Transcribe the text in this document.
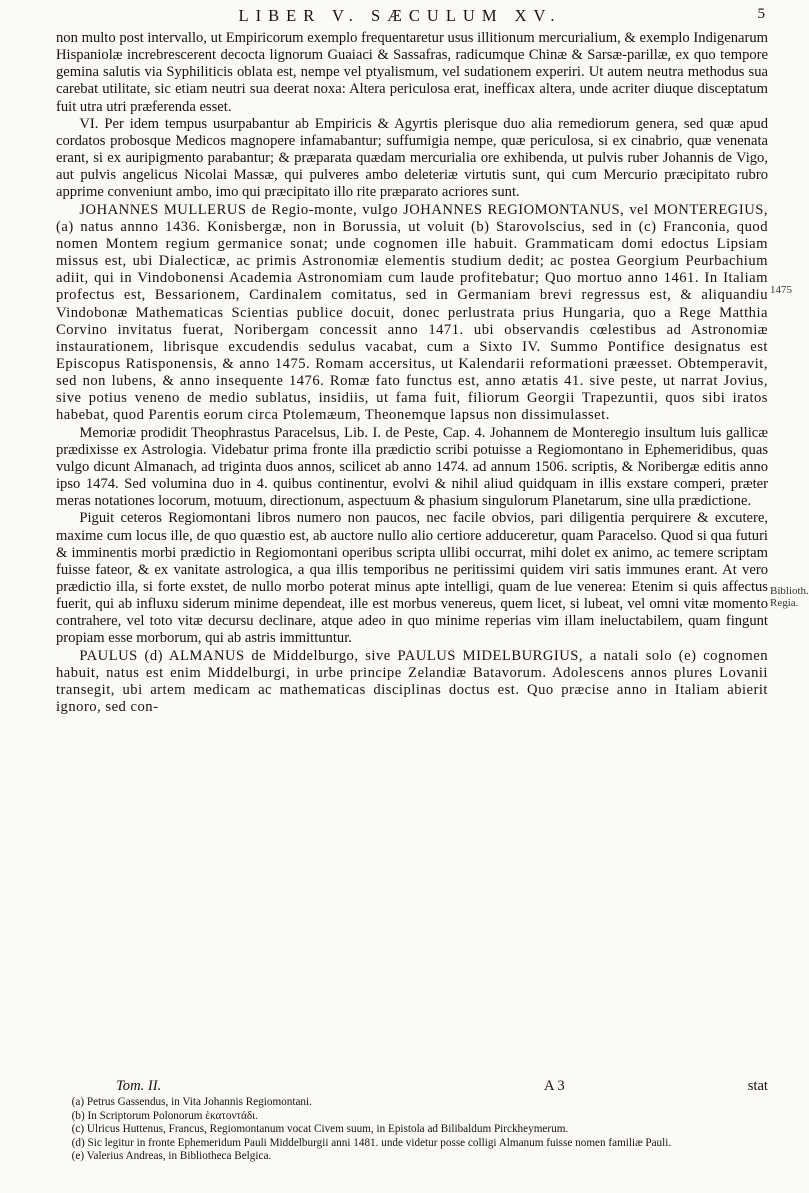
LIBER V. SÆCULUM XV.	5

non multo post intervallo, ut Empiricorum exemplo frequentaretur usus illitionum mercurialium, & exemplo Indigenarum Hispaniolæ increbrescerent decocta lignorum Guaiaci & Sassafras, radicumque Chinæ & Sarsæ-parillæ, ex quo tempore gemina salutis via Syphiliticis oblata est, nempe vel ptyalismum, vel sudationem experiri. Ut autem neutra methodus sua carebat utilitate, sic etiam neutri sua deerat noxa: Altera periculosa erat, inefficax altera, unde acriter diuque disceptatum fuit utra utri præferenda esset.

VI. Per idem tempus usurpabantur ab Empiricis & Agyrtis plerisque duo alia remediorum genera, sed quæ apud cordatos probosque Medicos magnopere infamabantur; suffumigia nempe, quæ periculosa, si ex cinabrio, quæ venenata erant, si ex auripigmento parabantur; & præparata quædam mercurialia ore exhibenda, ut pulvis ruber Johannis de Vigo, aut pulvis angelicus Nicolai Massæ, qui pulveres ambo deleteriæ virtutis sunt, qui cum Mercurio præcipitato rubro apprime conveniunt ambo, imo qui præcipitato illo rite præparato acriores sunt.

JOHANNES MULLERUS de Regio-monte, vulgo JOHANNES REGIOMONTANUS, vel MONTEREGIUS, (a) natus annno 1436. Konisbergæ, non in Borussia, ut voluit (b) Starovolscius, sed in (c) Franconia, quod nomen Montem regium germanice sonat; unde cognomen ille habuit. Grammaticam domi edoctus Lipsiam missus est, ubi Dialecticæ, ac primis Astronomiæ elementis studium dedit; ac postea Georgium Peurbachium adiit, qui in Vindobonensi Academia Astronomiam cum laude profitebatur; Quo mortuo anno 1461. In Italiam profectus est, Bessarionem, Cardinalem comitatus, sed in Germaniam brevi regressus est, & aliquandiu Vindobonæ Mathematicas Scientias publice docuit, donec perlustrata prius Hungaria, quo a Rege Matthia Corvino invitatus fuerat, Noribergam concessit anno 1471. ubi observandis cœlestibus ad Astronomiæ instaurationem, librisque excudendis sedulus vacabat, cum a Sixto IV. Summo Pontifice designatus est Episcopus Ratisponensis, & anno 1475. Romam accersitus, ut Kalendarii reformationi præesset. Obtemperavit, sed non lubens, & anno insequente 1476. Romæ fato functus est, anno ætatis 41. sive peste, ut narrat Jovius, sive potius veneno de medio sublatus, insidiis, ut fama fuit, filiorum Georgii Trapezuntii, quos sibi iratos habebat, quod Parentis eorum circa Ptolemæum, Theonemque lapsus non dissimulasset.

Memoriæ prodidit Theophrastus Paracelsus, Lib. I. de Peste, Cap. 4. Johannem de Monteregio insultum luis gallicæ prædixisse ex Astrologia. Videbatur prima fronte illa prædictio scribi potuisse a Regiomontano in Ephemeridibus, quas vulgo dicunt Almanach, ad triginta duos annos, scilicet ab anno 1474. ad annum 1506. scriptis, & Noribergæ editis anno ipso 1474. Sed volumina duo in 4. quibus continentur, evolvi & nihil aliud quidquam in illis exstare comperi, præter meras notationes locorum, motuum, directionum, aspectuum & phasium singulorum Planetarum, sine ulla prædictione.

Piguit ceteros Regiomontani libros numero non paucos, nec facile obvios, pari diligentia perquirere & excutere, maxime cum locus ille, de quo quæstio est, ab auctore nullo alio certiore adduceretur, quam Paracelso. Quod si qua futuri & imminentis morbi prædictio in Regiomontani operibus scripta ullibi occurrat, mihi dolet ex animo, ac temere scriptam fuisse fateor, & ex vanitate astrologica, a qua illis temporibus ne peritissimi quidem viri satis immunes erant. At vero prædictio illa, si forte exstet, de nullo morbo poterat minus apte intelligi, quam de lue venerea: Etenim si quis affectus fuerit, qui ab influxu siderum minime dependeat, ille est morbus venereus, quem licet, si lubeat, vel omni vitæ momento contrahere, vel toto vitæ decursu declinare, atque adeo in quo minime reperias vim illam ineluctabilem, quam fingunt propiam esse morborum, qui ab astris immittuntur.

PAULUS (d) ALMANUS de Middelburgo, sive PAULUS MIDELBURGIUS, a natali solo (e) cognomen habuit, natus est enim Middelburgi, in urbe principe Zelandiæ Batavorum. Adolescens annos plures Lovanii transegit, ubi artem medicam ac mathematicas disciplinas doctus est. Quo præcise anno in Italiam abierit ignoro, sed con-

1475
Biblioth. Regia.
Tom. II.	A 3	stat

(a) Petrus Gassendus, in Vita Johannis Regiomontani.

(b) In Scriptorum Polonorum ἑκατοντάδι.

(c) Ulricus Huttenus, Francus, Regiomontanum vocat Civem suum, in Epistola ad Bilibaldum Pirckheymerum.

(d) Sic legitur in fronte Ephemeridum Pauli Middelburgii anni 1481. unde videtur posse colligi Almanum fuisse nomen familiæ Pauli.

(e) Valerius Andreas, in Bibliotheca Belgica.
